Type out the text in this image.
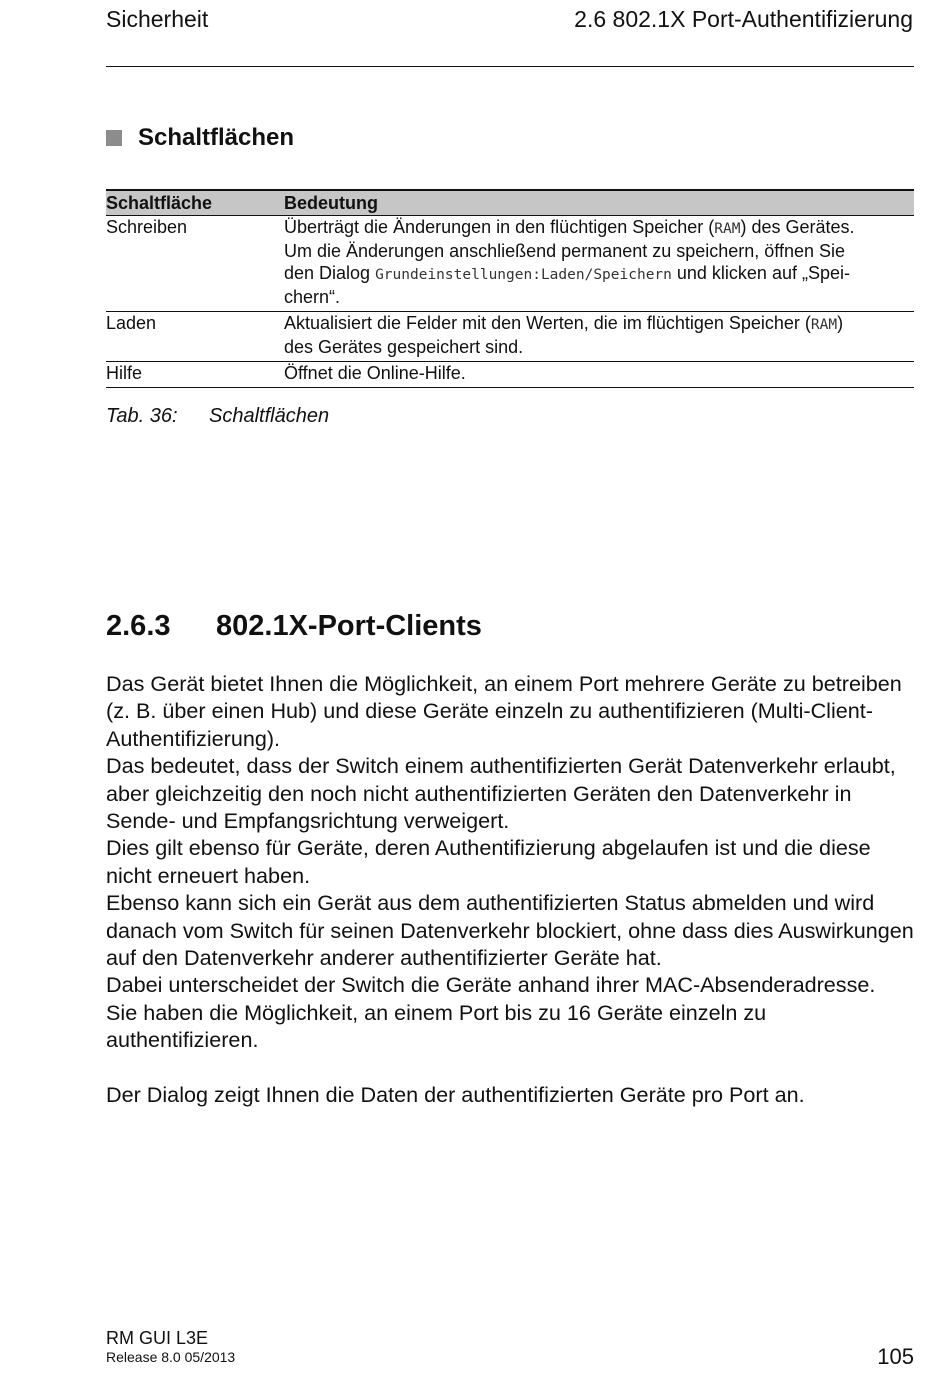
Sicherheit	2.6 802.1X Port-Authentifizierung
Schaltflächen
Schaltfläche	Bedeutung
Schreiben	Überträgt die Änderungen in den flüchtigen Speicher (RAM) des Gerätes.
Um die Änderungen anschließend permanent zu speichern, öffnen Sie
den Dialog Grundeinstellungen:Laden/Speichern und klicken auf „Spei-
chern“.
Laden	Aktualisiert die Felder mit den Werten, die im flüchtigen Speicher (RAM)
des Gerätes gespeichert sind.
Hilfe	Öffnet die Online-Hilfe.
Tab. 36: Schaltflächen
2.6.3 802.1X-Port-Clients

Das Gerät bietet Ihnen die Möglichkeit, an einem Port mehrere Geräte zu betreiben (z. B. über einen Hub) und diese Geräte einzeln zu authentifizieren (Multi-Client-Authentifizierung).

Das bedeutet, dass der Switch einem authentifizierten Gerät Datenverkehr erlaubt, aber gleichzeitig den noch nicht authentifizierten Geräten den Datenverkehr in Sende- und Empfangsrichtung verweigert.

Dies gilt ebenso für Geräte, deren Authentifizierung abgelaufen ist und die diese nicht erneuert haben.

Ebenso kann sich ein Gerät aus dem authentifizierten Status abmelden und wird danach vom Switch für seinen Datenverkehr blockiert, ohne dass dies Auswirkungen auf den Datenverkehr anderer authentifizierter Geräte hat.

Dabei unterscheidet der Switch die Geräte anhand ihrer MAC-Absenderadresse.

Sie haben die Möglichkeit, an einem Port bis zu 16 Geräte einzeln zu authentifizieren.

Der Dialog zeigt Ihnen die Daten der authentifizierten Geräte pro Port an.

RM GUI L3E
Release 8.0 05/2013	105
